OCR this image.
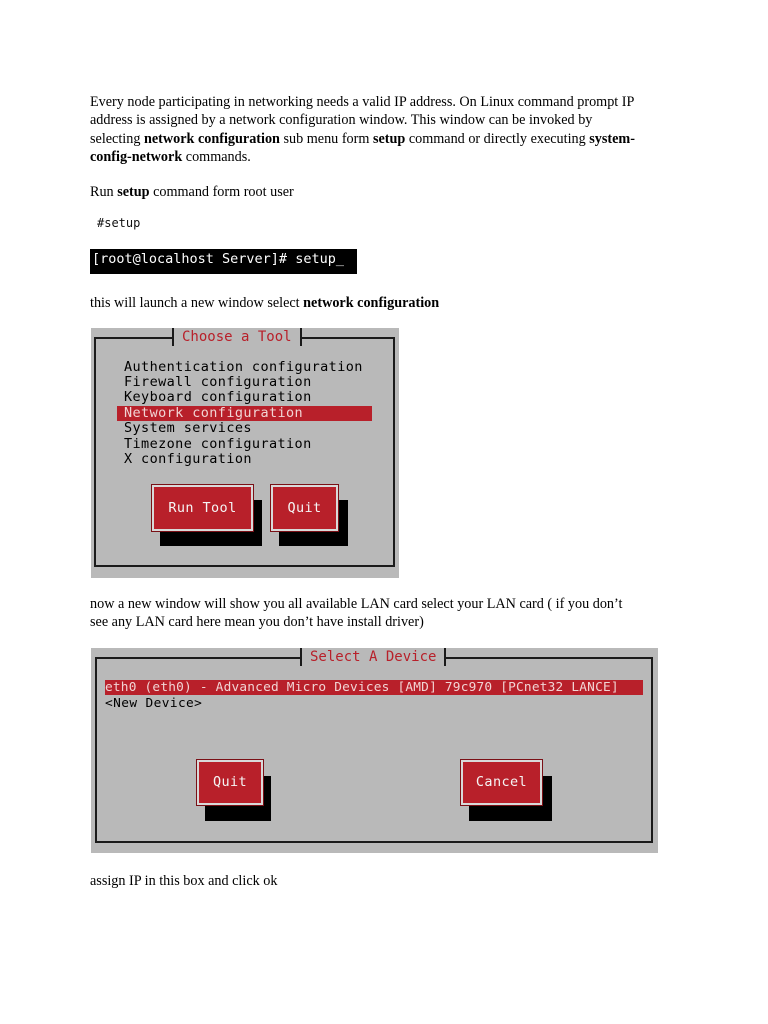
Every node participating in networking needs a valid IP address. On Linux command prompt IP
address is assigned by a network configuration window. This window can be invoked by
selecting network configuration sub menu form setup command or directly executing system-
config-network commands.
Run setup command form root user
#setup
[root@localhost Server]# setup_
this will launch a new window select network configuration
Choose a Tool
Authentication configuration
Firewall configuration
Keyboard configuration
Network configuration
System services
Timezone configuration
X configuration
Run Tool	Quit
now a new window will show you all available LAN card select your LAN card ( if you don’t
see any LAN card here mean you don’t have install driver)
Select A Device
eth0 (eth0) - Advanced Micro Devices [AMD] 79c970 [PCnet32 LANCE]
<New Device>
Quit	Cancel
assign IP in this box and click ok
